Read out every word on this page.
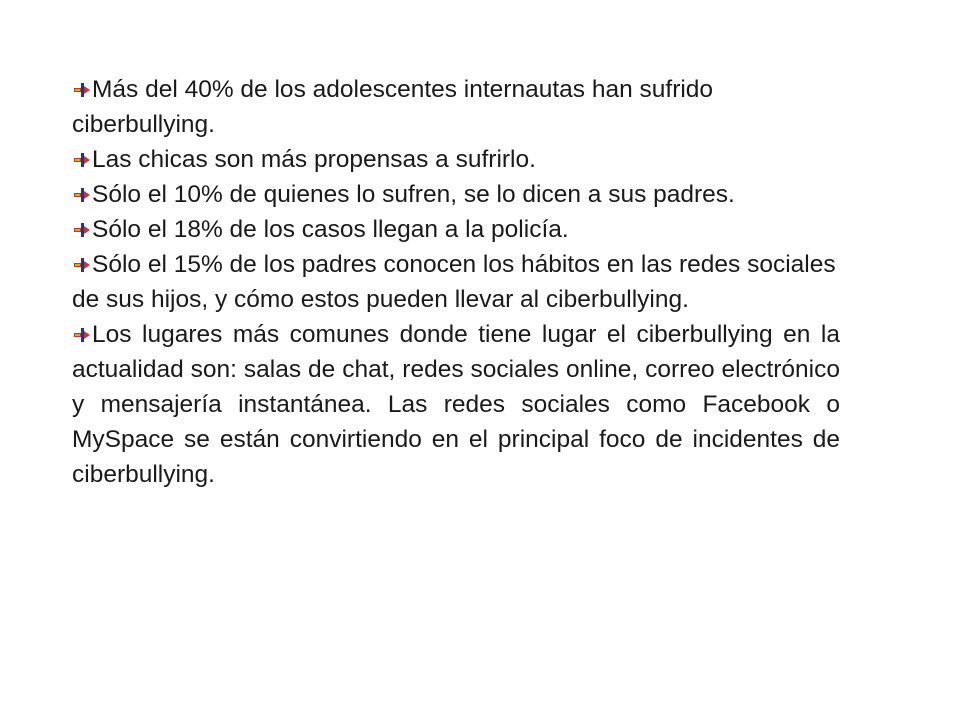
Más del 40% de los adolescentes internautas han sufrido ciberbullying.

Las chicas son más propensas a sufrirlo.

Sólo el 10% de quienes lo sufren, se lo dicen a sus padres.

Sólo el 18% de los casos llegan a la policía.

Sólo el 15% de los padres conocen los hábitos en las redes sociales de sus hijos, y cómo estos pueden llevar al ciberbullying.

Los lugares más comunes donde tiene lugar el ciberbullying en la actualidad son: salas de chat, redes sociales online, correo electrónico y mensajería instantánea. Las redes sociales como Facebook o MySpace se están convirtiendo en el principal foco de incidentes de ciberbullying.
